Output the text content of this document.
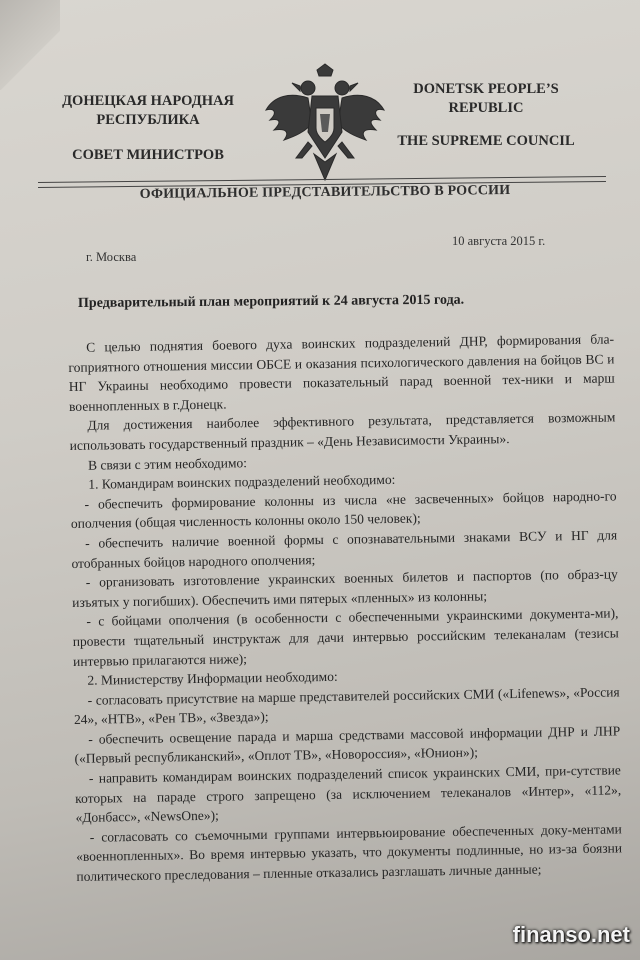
ДОНЕЦКАЯ НАРОДНАЯ
РЕСПУБЛИКА
СОВЕТ МИНИСТРОВ
DONETSK PEOPLE’S
REPUBLIC
THE SUPREME COUNCIL
ОФИЦИАЛЬНОЕ ПРЕДСТАВИТЕЛЬСТВО В РОССИИ
10 августа 2015 г.
г. Москва
Предварительный план мероприятий к 24 августа 2015 года.

С целью поднятия боевого духа воинских подразделений ДНР, формирования бла-гоприятного отношения миссии ОБСЕ и оказания психологического давления на бойцов ВС и НГ Украины необходимо провести показательный парад военной тех-ники и марш военнопленных в г.Донецк.

Для достижения наиболее эффективного результата, представляется возможным использовать государственный праздник – «День Независимости Украины».

В связи с этим необходимо:

1. Командирам воинских подразделений необходимо:

- обеспечить формирование колонны из числа «не засвеченных» бойцов народно-го ополчения (общая численность колонны около 150 человек);

- обеспечить наличие военной формы с опознавательными знаками ВСУ и НГ для отобранных бойцов народного ополчения;

- организовать изготовление украинских военных билетов и паспортов (по образ-цу изъятых у погибших). Обеспечить ими пятерых «пленных» из колонны;

- с бойцами ополчения (в особенности с обеспеченными украинскими документа-ми), провести тщательный инструктаж для дачи интервью российским телеканалам (тезисы интервью прилагаются ниже);

2. Министерству Информации необходимо:

- согласовать присутствие на марше представителей российских СМИ («Lifenews», «Россия 24», «НТВ», «Рен ТВ», «Звезда»);

- обеспечить освещение парада и марша средствами массовой информации ДНР и ЛНР («Первый республиканский», «Оплот ТВ», «Новороссия», «Юнион»);

- направить командирам воинских подразделений список украинских СМИ, при-сутствие которых на параде строго запрещено (за исключением телеканалов «Интер», «112», «Донбасс», «NewsOne»);

- согласовать со съемочными группами интервьюирование обеспеченных доку-ментами «военнопленных». Во время интервью указать, что документы подлинные, но из-за боязни политического преследования – пленные отказались разглашать личные данные;

finanso.net
